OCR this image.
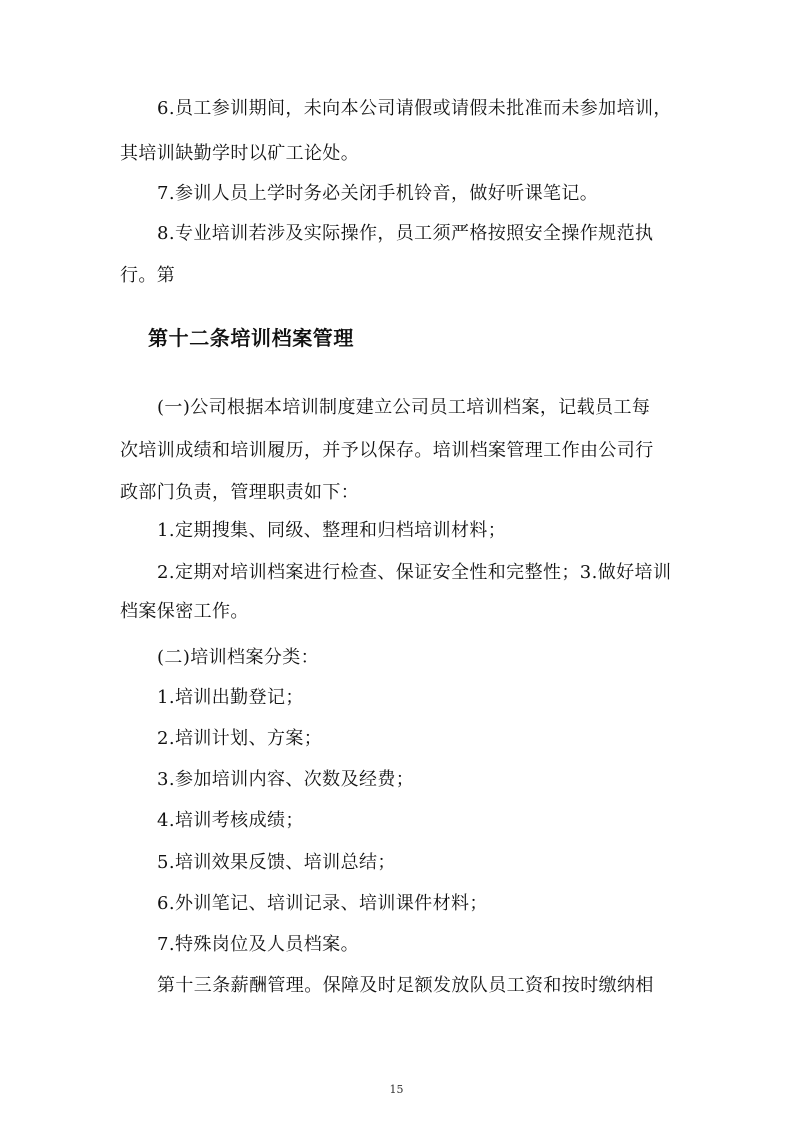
6.员工参训期间，未向本公司请假或请假未批准而未参加培训，
其培训缺勤学时以矿工论处。
7.参训人员上学时务必关闭手机铃音，做好听课笔记。
8.专业培训若涉及实际操作，员工须严格按照安全操作规范执
行。第
第十二条培训档案管理
(一)公司根据本培训制度建立公司员工培训档案，记载员工每
次培训成绩和培训履历，并予以保存。培训档案管理工作由公司行
政部门负责，管理职责如下：
1.定期搜集、同级、整理和归档培训材料；
2.定期对培训档案进行检查、保证安全性和完整性；3.做好培训
档案保密工作。
(二)培训档案分类：
1.培训出勤登记；
2.培训计划、方案；
3.参加培训内容、次数及经费；
4.培训考核成绩；
5.培训效果反馈、培训总结；
6.外训笔记、培训记录、培训课件材料；
7.特殊岗位及人员档案。
第十三条薪酬管理。保障及时足额发放队员工资和按时缴纳相
15
